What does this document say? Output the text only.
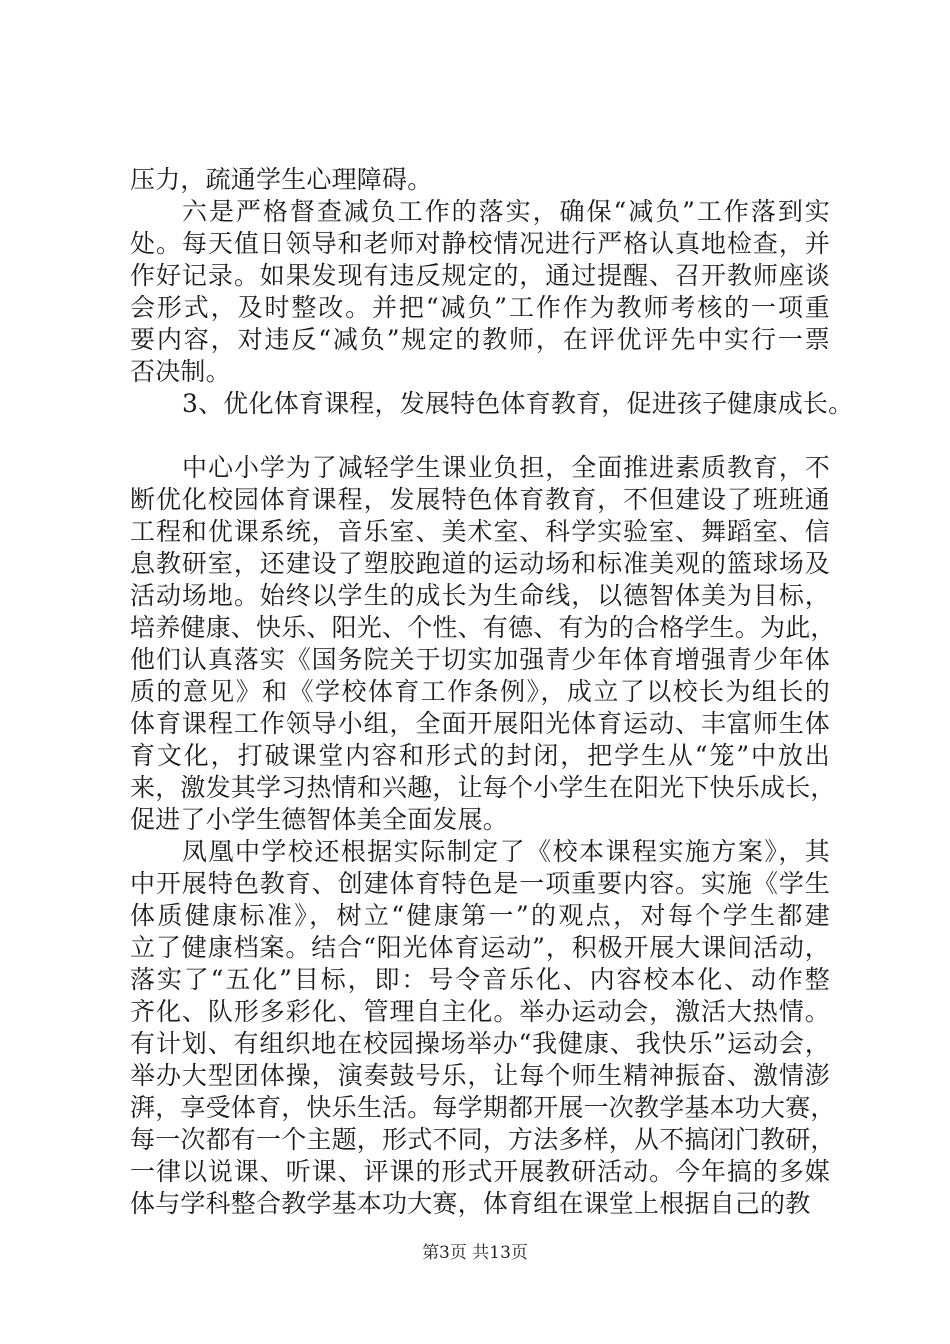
压力，疏通学生心理障碍。
六是严格督查减负工作的落实，确保“减负”工作落到实
处。每天值日领导和老师对静校情况进行严格认真地检查，并
作好记录。如果发现有违反规定的，通过提醒、召开教师座谈
会形式，及时整改。并把“减负”工作作为教师考核的一项重
要内容，对违反“减负”规定的教师，在评优评先中实行一票
否决制。
3、优化体育课程，发展特色体育教育，促进孩子健康成长。
中心小学为了减轻学生课业负担，全面推进素质教育，不
断优化校园体育课程，发展特色体育教育，不但建设了班班通
工程和优课系统，音乐室、美术室、科学实验室、舞蹈室、信
息教研室，还建设了塑胶跑道的运动场和标准美观的篮球场及
活动场地。始终以学生的成长为生命线，以德智体美为目标，
培养健康、快乐、阳光、个性、有德、有为的合格学生。为此，
他们认真落实《国务院关于切实加强青少年体育增强青少年体
质的意见》和《学校体育工作条例》，成立了以校长为组长的
体育课程工作领导小组，全面开展阳光体育运动、丰富师生体
育文化，打破课堂内容和形式的封闭，把学生从“笼”中放出
来，激发其学习热情和兴趣，让每个小学生在阳光下快乐成长，
促进了小学生德智体美全面发展。
凤凰中学校还根据实际制定了《校本课程实施方案》，其
中开展特色教育、创建体育特色是一项重要内容。实施《学生
体质健康标准》，树立“健康第一”的观点，对每个学生都建
立了健康档案。结合“阳光体育运动”，积极开展大课间活动，
落实了“五化”目标，即：号令音乐化、内容校本化、动作整
齐化、队形多彩化、管理自主化。举办运动会，激活大热情。
有计划、有组织地在校园操场举办“我健康、我快乐”运动会，
举办大型团体操，演奏鼓号乐，让每个师生精神振奋、激情澎
湃，享受体育，快乐生活。每学期都开展一次教学基本功大赛，
每一次都有一个主题，形式不同，方法多样，从不搞闭门教研，
一律以说课、听课、评课的形式开展教研活动。今年搞的多媒
体与学科整合教学基本功大赛，体育组在课堂上根据自己的教
第3页 共13页
